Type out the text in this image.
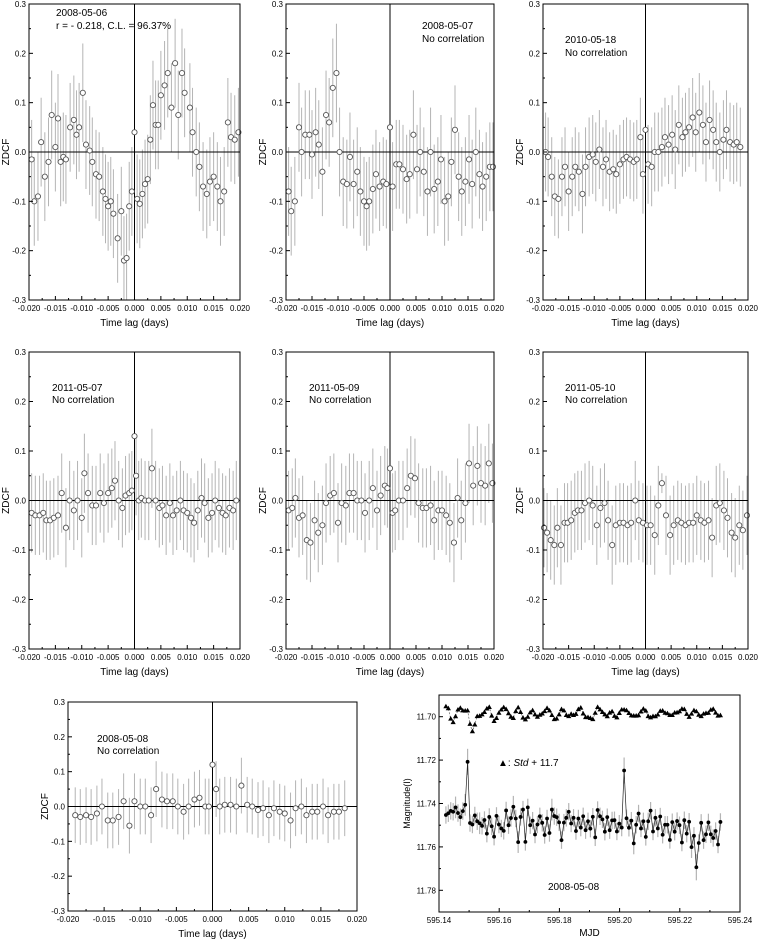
-0.020 -0.015 -0.010 -0.005 0.000 0.005 0.010 0.015 0.020
-0.3
-0.2
-0.1
0.0
0.1
0.2
0.3
Time lag (days)
ZDCF
2008-05-06
r = - 0.218, C.L. = 96.37%
-0.020 -0.015 -0.010 -0.005 0.000 0.005 0.010 0.015 0.020
-0.3
-0.2
-0.1
0.0
0.1
0.2
0.3
Time lag (days)
ZDCF
2008-05-07
No correlation
-0.020 -0.015 -0.010 -0.005 0.000 0.005 0.010 0.015 0.020
-0.3
-0.2
-0.1
0.0
0.1
0.2
0.3
Time lag (days)
ZDCF
2010-05-18
No correlation
-0.020 -0.015 -0.010 -0.005 0.000 0.005 0.010 0.015 0.020
-0.3
-0.2
-0.1
0.0
0.1
0.2
0.3
Time lag (days)
ZDCF
2011-05-07
No correlation
-0.020 -0.015 -0.010 -0.005 0.000 0.005 0.010 0.015 0.020
-0.3
-0.2
-0.1
0.0
0.1
0.2
0.3
Time lag (days)
ZDCF
2011-05-09
No correlation
-0.020 -0.015 -0.010 -0.005 0.000 0.005 0.010 0.015 0.020
-0.3
-0.2
-0.1
0.0
0.1
0.2
0.3
Time lag (days)
ZDCF
2011-05-10
No correlation
-0.020 -0.015 -0.010 -0.005 0.000 0.005 0.010 0.015 0.020
-0.3
-0.2
-0.1
0.0
0.1
0.2
0.3
Time lag (days)
ZDCF
2008-05-08
No correlation
595.14	595.16	595.18	595.20	595.22	595.24
11.70
11.72
11.74
11.76
11.78
MJD
Magnitude(I)
▲: Std + 11.7
2008-05-08
